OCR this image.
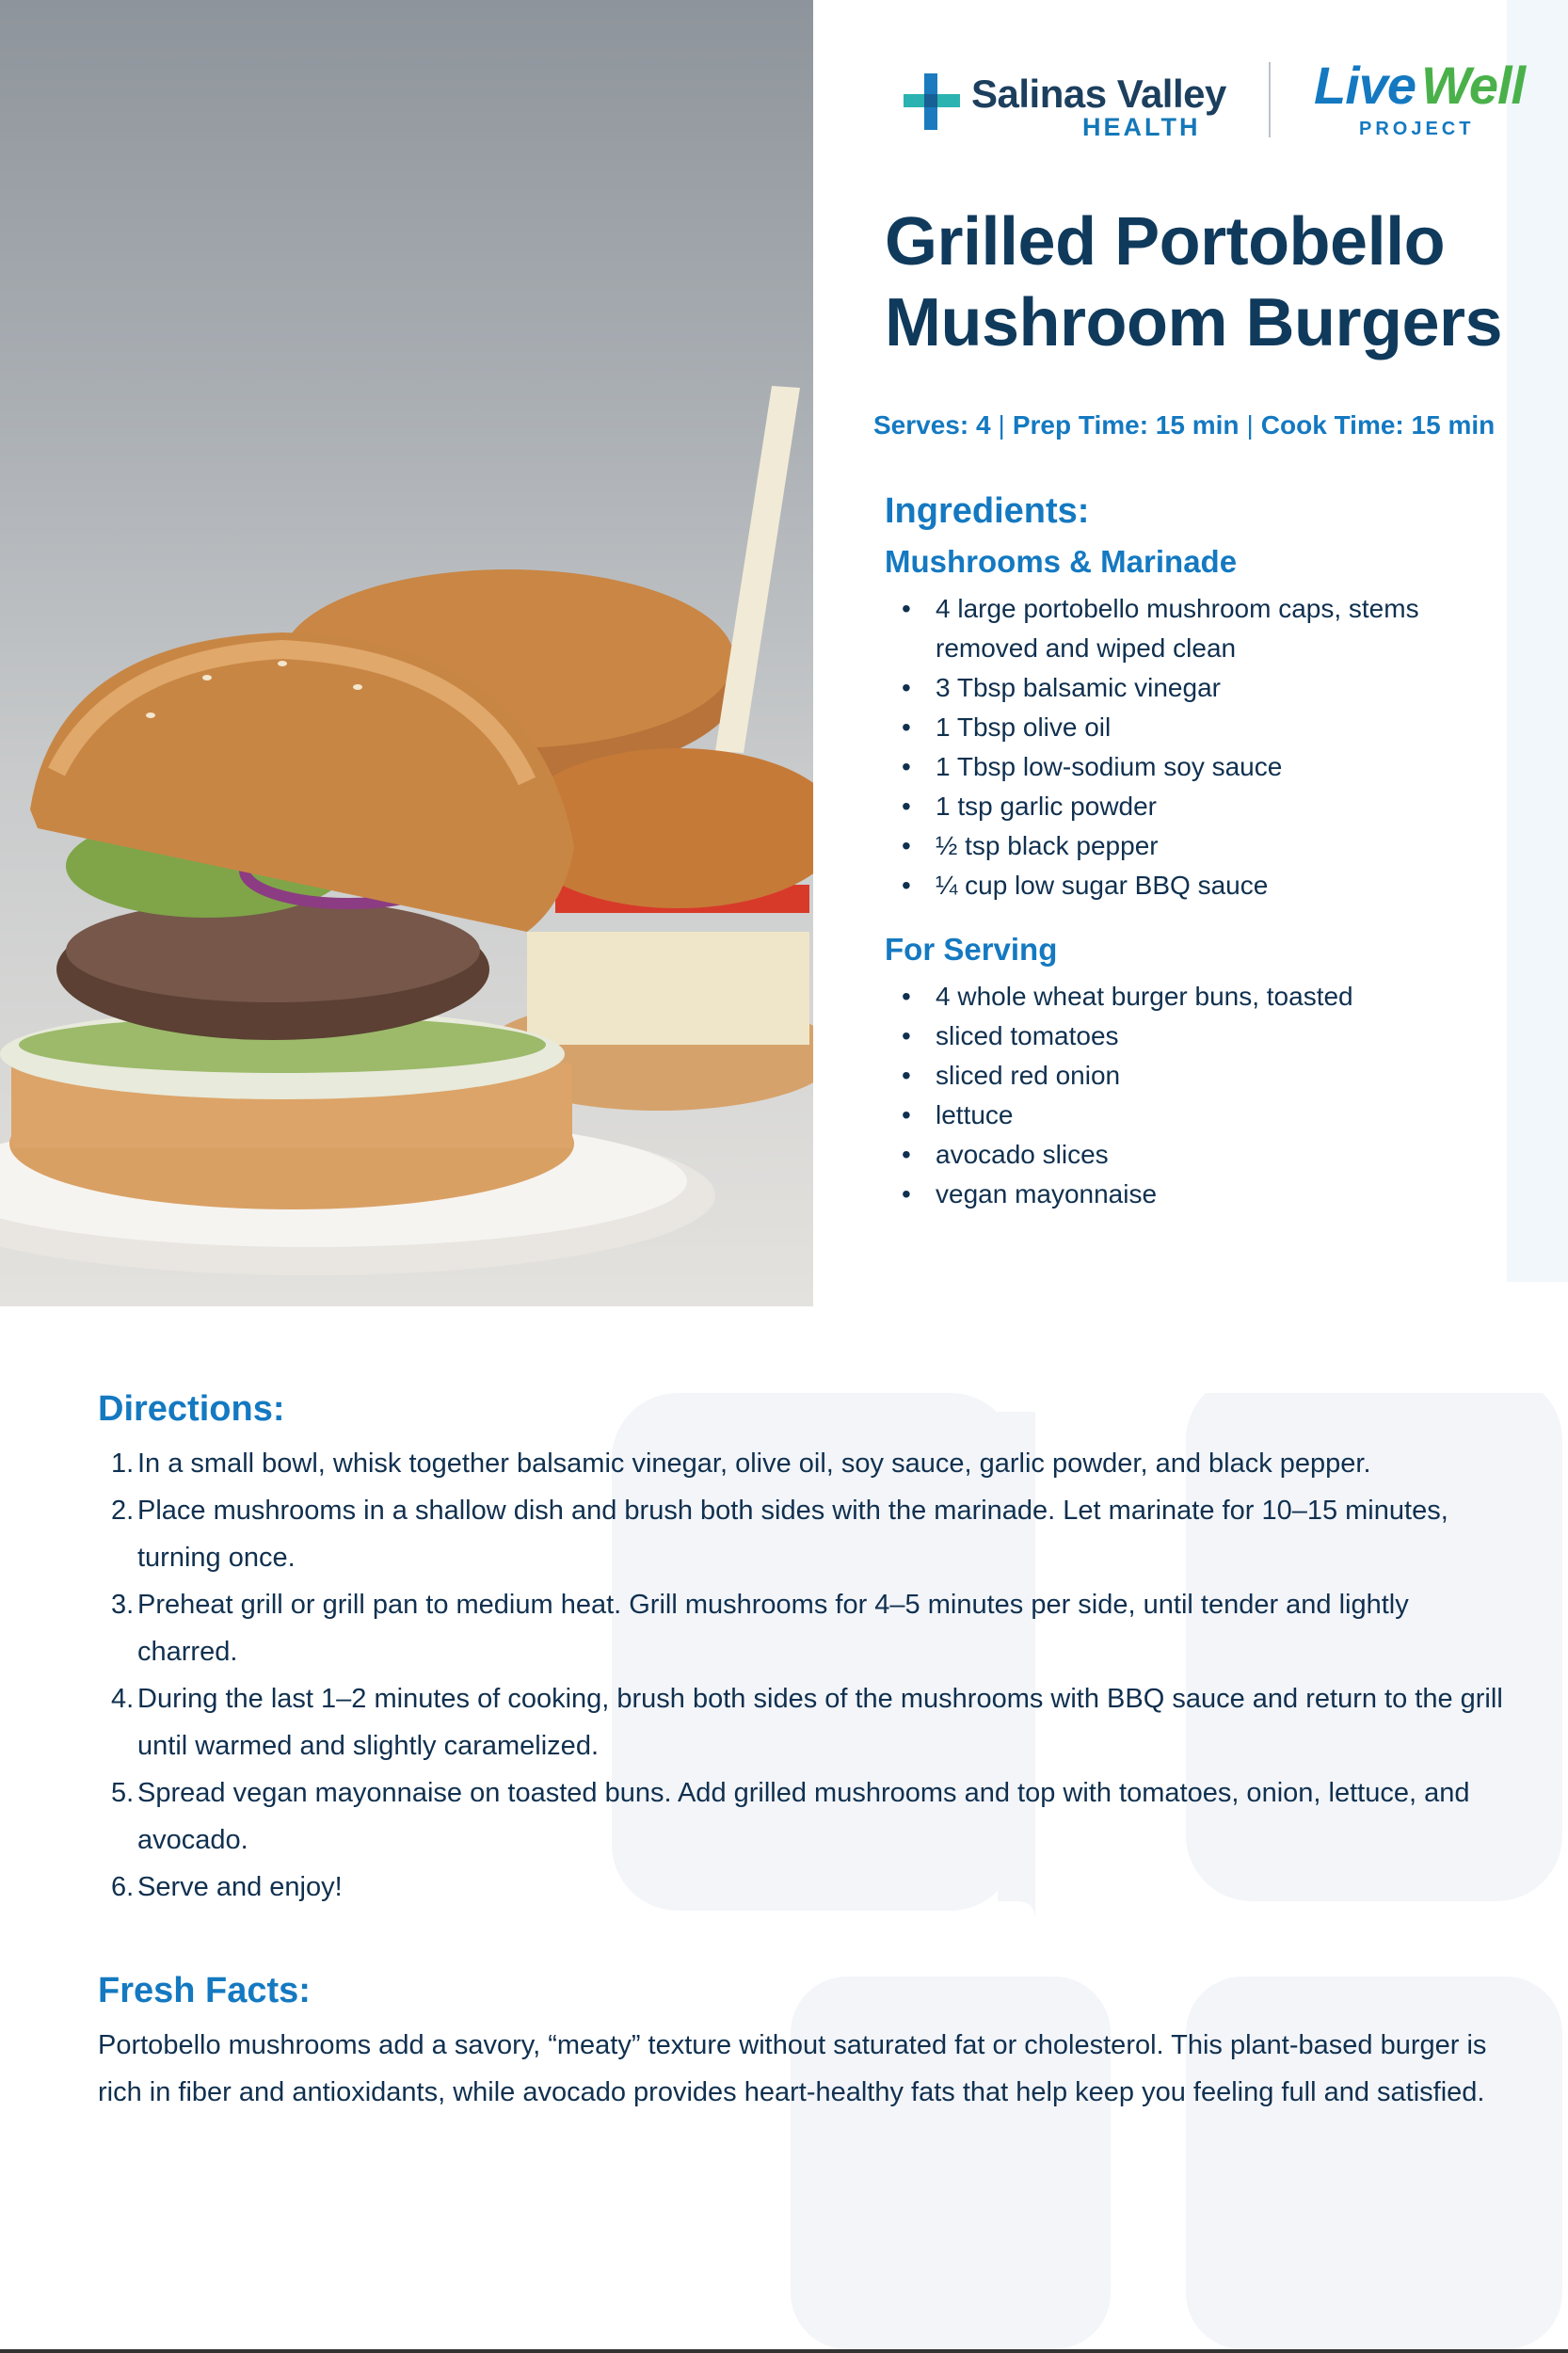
Salinas Valley
HEALTH
Live Well
PROJECT
Grilled Portobello Mushroom Burgers
Serves: 4 | Prep Time: 15 min | Cook Time: 15 min
Ingredients:
Mushrooms & Marinade
• 4 large portobello mushroom caps, stems removed and wiped clean
• 3 Tbsp balsamic vinegar
• 1 Tbsp olive oil
• 1 Tbsp low-sodium soy sauce
• 1 tsp garlic powder
• ½ tsp black pepper
• ¼ cup low sugar BBQ sauce
For Serving
• 4 whole wheat burger buns, toasted
• sliced tomatoes
• sliced red onion
• lettuce
• avocado slices
• vegan mayonnaise
Directions:
1. In a small bowl, whisk together balsamic vinegar, olive oil, soy sauce, garlic powder, and black pepper.
2. Place mushrooms in a shallow dish and brush both sides with the marinade. Let marinate for 10–15 minutes, turning once.
3. Preheat grill or grill pan to medium heat. Grill mushrooms for 4–5 minutes per side, until tender and lightly charred.
4. During the last 1–2 minutes of cooking, brush both sides of the mushrooms with BBQ sauce and return to the grill until warmed and slightly caramelized.
5. Spread vegan mayonnaise on toasted buns. Add grilled mushrooms and top with tomatoes, onion, lettuce, and avocado.
6. Serve and enjoy!
Fresh Facts:

Portobello mushrooms add a savory, “meaty” texture without saturated fat or cholesterol. This plant-based burger is rich in fiber and antioxidants, while avocado provides heart-healthy fats that help keep you feeling full and satisfied.
